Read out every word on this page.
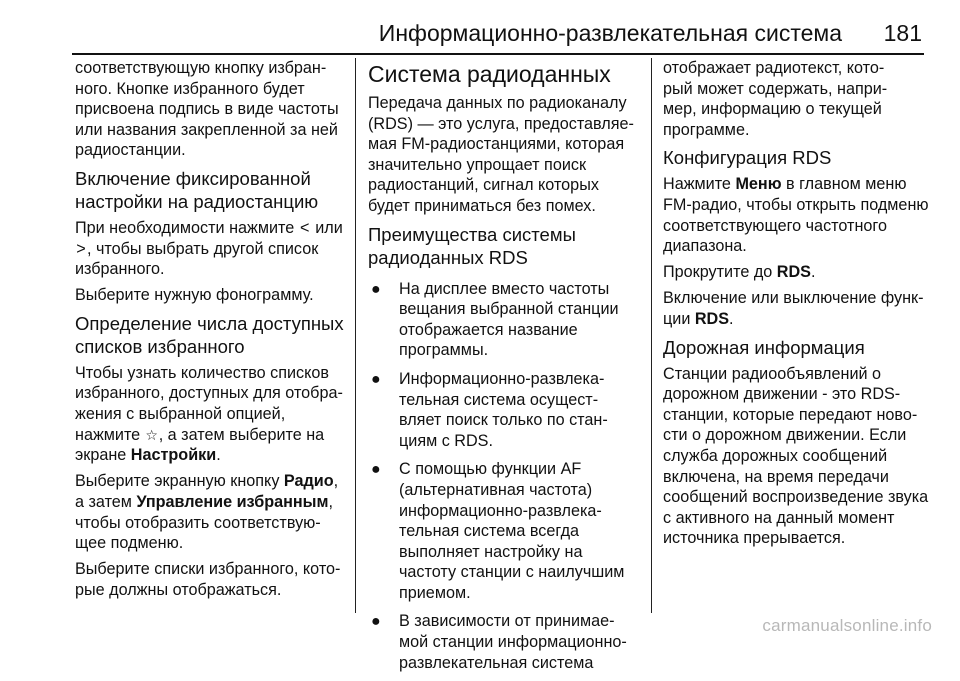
Информационно-развлекательная система 181

соответствующую кнопку избран-
ного. Кнопке избранного будет
присвоена подпись в виде частоты
или названия закрепленной за ней
радиостанции.

Включение фиксированной
настройки на радиостанцию

При необходимости нажмите < или
>, чтобы выбрать другой список
избранного.

Выберите нужную фонограмму.

Определение числа доступных
списков избранного

Чтобы узнать количество списков
избранного, доступных для отобра-
жения с выбранной опцией,
нажмите ☆, а затем выберите на
экране Настройки.

Выберите экранную кнопку Радио,
а затем Управление избранным,
чтобы отобразить соответствую-
щее подменю.

Выберите списки избранного, кото-
рые должны отображаться.

Система радиоданных

Передача данных по радиоканалу
(RDS) — это услуга, предоставляе-
мая FM-радиостанциями, которая
значительно упрощает поиск
радиостанций, сигнал которых
будет приниматься без помех.

Преимущества системы
радиоданных RDS
● На дисплее вместо частоты
вещания выбранной станции
отображается название
программы.
● Информационно-развлека-
тельная система осущест-
вляет поиск только по стан-
циям с RDS.
● С помощью функции AF
(альтернативная частота)
информационно-развлека-
тельная система всегда
выполняет настройку на
частоту станции с наилучшим
приемом.
● В зависимости от принимае-
мой станции информационно-
развлекательная система

отображает радиотекст, кото-
рый может содержать, напри-
мер, информацию о текущей
программе.

Конфигурация RDS

Нажмите Меню в главном меню
FM-радио, чтобы открыть подменю
соответствующего частотного
диапазона.

Прокрутите до RDS.

Включение или выключение функ-
ции RDS.

Дорожная информация

Станции радиообъявлений о
дорожном движении - это RDS-
станции, которые передают ново-
сти о дорожном движении. Если
служба дорожных сообщений
включена, на время передачи
сообщений воспроизведение звука
с активного на данный момент
источника прерывается.

carmanualsonline.info
